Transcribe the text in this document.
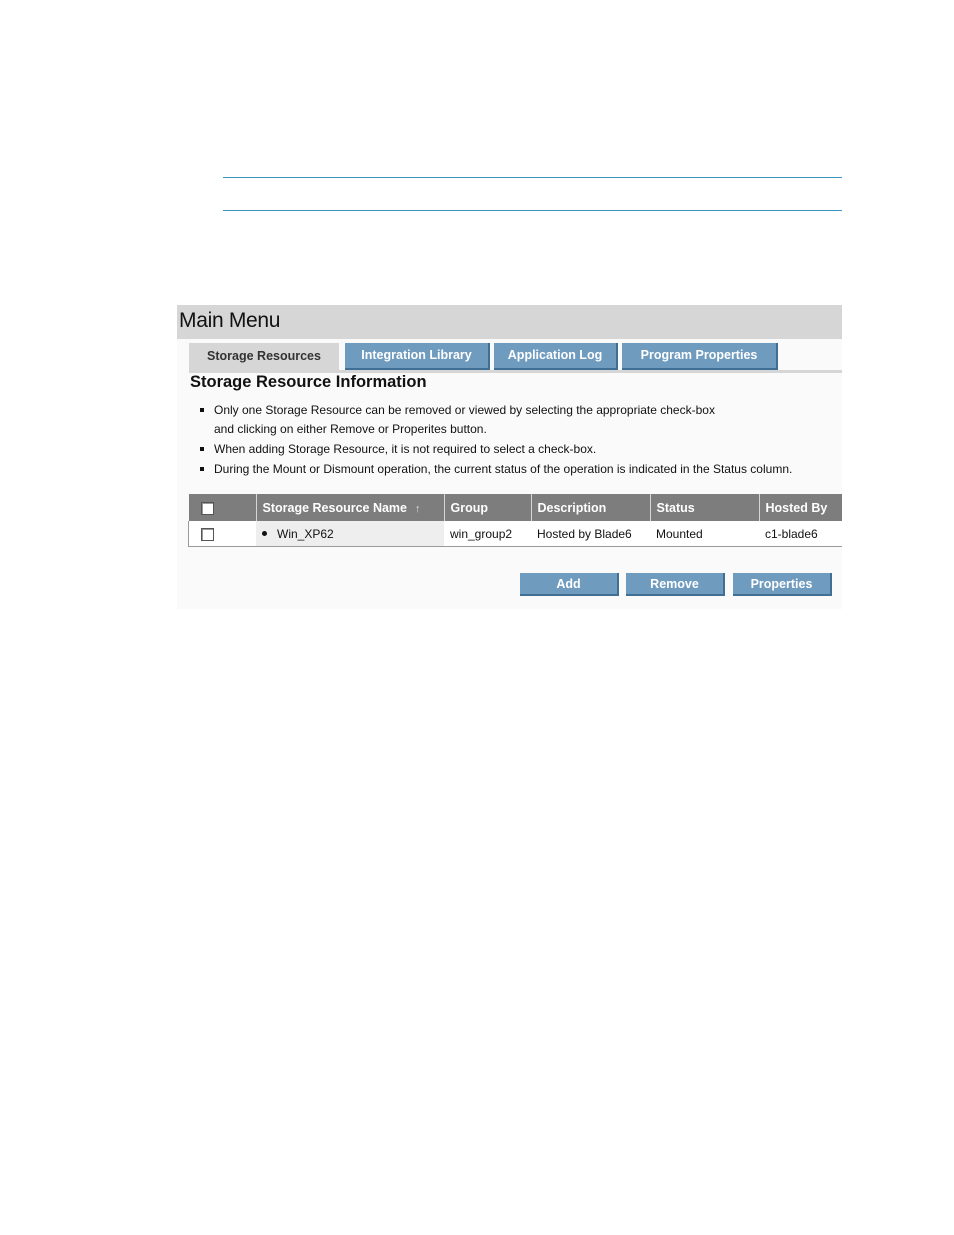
Main Menu
Storage Resources	Integration Library	Application Log	Program Properties
Storage Resource Information
Only one Storage Resource can be removed or viewed by selecting the appropriate check-box
and clicking on either Remove or Properites button.
When adding Storage Resource, it is not required to select a check-box.
During the Mount or Dismount operation, the current status of the operation is indicated in the Status column.
	Storage Resource Name ↑	Group	Description	Status	Hosted By
	Win_XP62	win_group2	Hosted by Blade6	Mounted	c1-blade6
Add	Remove	Properties
